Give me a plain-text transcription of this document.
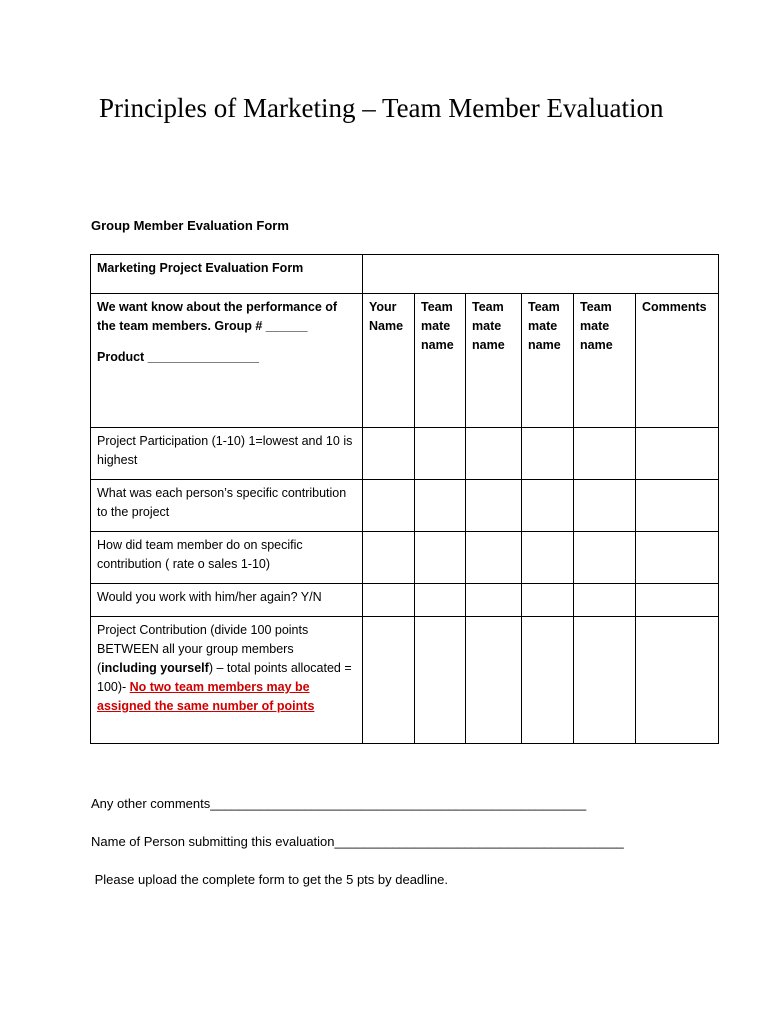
Principles of Marketing – Team Member Evaluation
Group Member Evaluation Form
Marketing Project Evaluation Form						

We want know about the performance of the team members. Group # ______
Product ________________	Your Name	Team mate name	Team mate name	Team mate name	Team mate name	Comments
Project Participation (1-10) 1=lowest and 10 is highest						
What was each person’s specific contribution to the project						
How did team member do on specific contribution ( rate o sales 1-10)						
Would you work with him/her again? Y/N						
Project Contribution (divide 100 points BETWEEN all your group members (including yourself) – total points allocated = 100)- No two team members may be assigned the same number of points						
Any other comments____________________________________________________
Name of Person submitting this evaluation________________________________________
Please upload the complete form to get the 5 pts by deadline.
